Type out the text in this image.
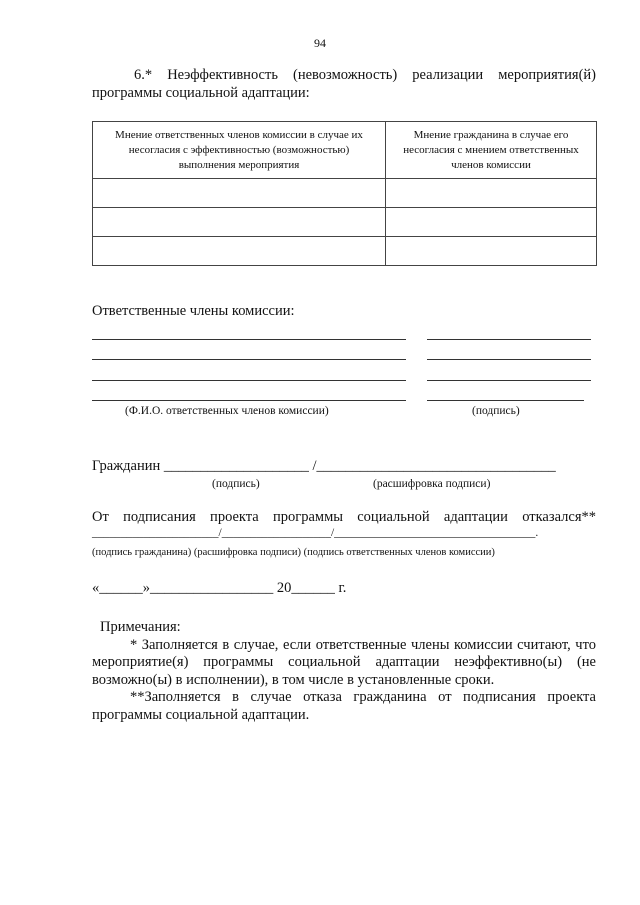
94
6.* Неэффективность (невозможность) реализации мероприятия(й) программы социальной адаптации:
Мнение ответственных членов комиссии в случае их несогласия с эффективностью (возможностью) выполнения мероприятия	Мнение гражданина в случае его несогласия с мнением ответственных членов комиссии

Ответственные члены комиссии:
(Ф.И.О. ответственных членов комиссии)	(подпись)
Гражданин ____________________ /_________________________________
(подпись)	(расшифровка подписи)
От подписания проекта программы социальной адаптации отказался**
______________________/___________________/___________________________________.
(подпись гражданина) (расшифровка подписи) (подпись ответственных членов комиссии)
«______»_________________ 20______ г.

Примечания:

* Заполняется в случае, если ответственные члены комиссии считают, что мероприятие(я) программы социальной адаптации неэффективно(ы) (не возможно(ы) в исполнении), в том числе в установленные сроки.

**Заполняется в случае отказа гражданина от подписания проекта программы социальной адаптации.
